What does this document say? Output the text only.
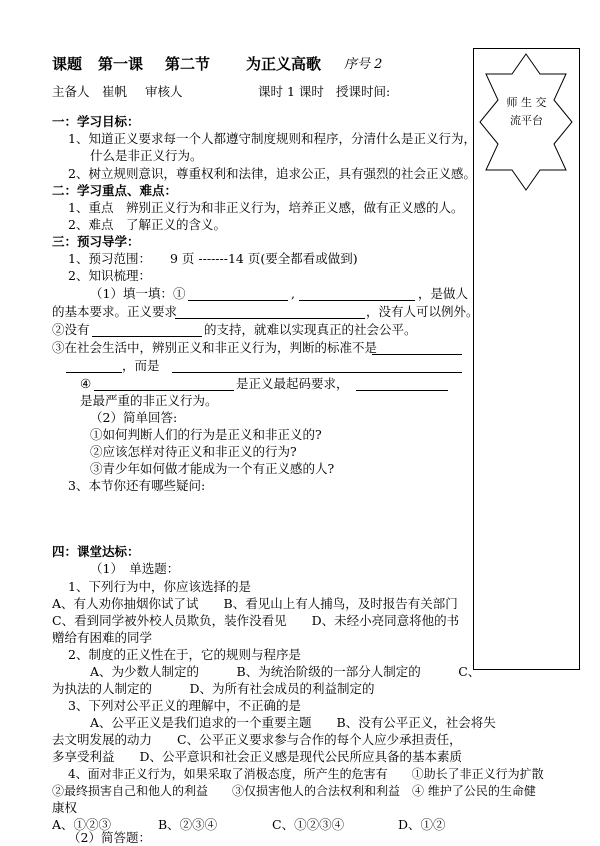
课题 第一课 第二节 为正义高歌 序号 2
主备人 崔帆 审核人	课时 1 课时 授课时间:
师 生 交
流平台
一：学习目标：
1、知道正义要求每一个人都遵守制度规则和程序，分清什么是正义行为，
什么是非正义行为。
2、树立规则意识，尊重权利和法律，追求公正，具有强烈的社会正义感。
二：学习重点、难点：
1、重点　辨别正义行为和非正义行为，培养正义感，做有正义感的人。
2、难点　了解正义的含义。
三：预习导学：
1、预习范围： 9 页 -------14 页(要全都看或做到)
2、知识梳理：
（1）填一填：①	,	，是做人
的基本要求。正义要求	，没有人可以例外。
②没有	的支持，就难以实现真正的社会公平。
③在社会生活中，辨别正义和非正义行为，判断的标准不是
，而是
④	是正义最起码要求，
是最严重的非正义行为。
（2）简单回答:
①如何判断人们的行为是正义和非正义的?
②应该怎样对待正义和非正义的行为?
③青少年如何做才能成为一个有正义感的人?
3、本节你还有哪些疑问:
四：课堂达标：
（1）　单选题：
1、下列行为中，你应该选择的是
A、有人劝你抽烟你试了试　　B、看见山上有人捕鸟，及时报告有关部门
C、看到同学被外校人员欺负，装作没看见　　D、未经小亮同意将他的书
赠给有困难的同学
2、制度的正义性在于，它的规则与程序是
A、为少数人制定的　　　B、为统治阶级的一部分人制定的　　　C、
为执法的人制定的　　　D、为所有社会成员的利益制定的
3、下列对公平正义的理解中，不正确的是
A、公平正义是我们追求的一个重要主题　　B、没有公平正义，社会将失
去文明发展的动力　　C、公平正义要求参与合作的每个人应少承担责任，
多享受利益　　D、公平意识和社会正义感是现代公民所应具备的基本素质
4、面对非正义行为，如果采取了消极态度，所产生的危害有　　①助长了非正义行为扩散
②最终损害自己和他人的利益　　③仅损害他人的合法权利和利益　④ 维护了公民的生命健
康权
A、①②③	B、②③④	C、①②③④	D、①②
（2）简答题：
